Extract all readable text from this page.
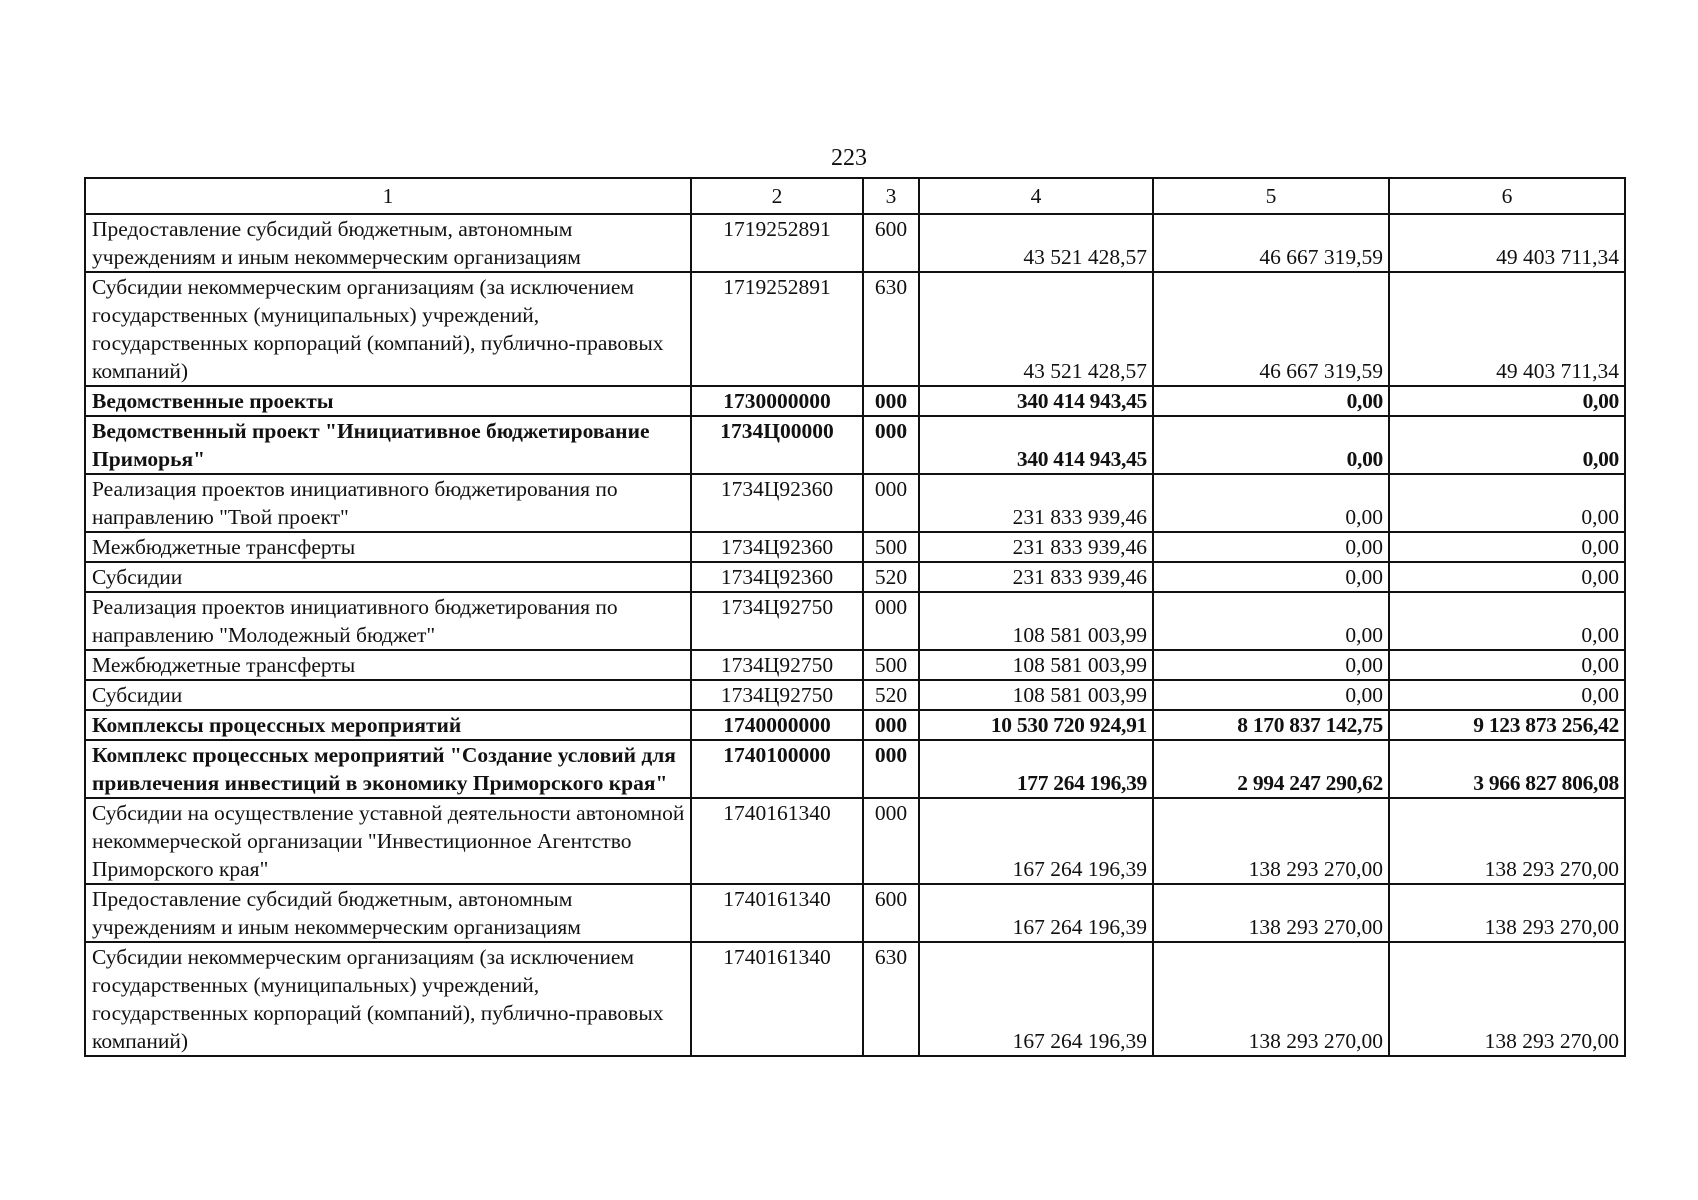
223
1	2	3	4	5	6
Предоставление субсидий бюджетным, автономным учреждениям и иным некоммерческим организациям	1719252891	600	43 521 428,57	46 667 319,59	49 403 711,34
Субсидии некоммерческим организациям (за исключением государственных (муниципальных) учреждений, государственных корпораций (компаний), публично-правовых компаний)	1719252891	630	43 521 428,57	46 667 319,59	49 403 711,34
Ведомственные проекты	1730000000	000	340 414 943,45	0,00	0,00
Ведомственный проект "Инициативное бюджетирование Приморья"	1734Ц00000	000	340 414 943,45	0,00	0,00
Реализация проектов инициативного бюджетирования по направлению "Твой проект"	1734Ц92360	000	231 833 939,46	0,00	0,00
Межбюджетные трансферты	1734Ц92360	500	231 833 939,46	0,00	0,00
Субсидии	1734Ц92360	520	231 833 939,46	0,00	0,00
Реализация проектов инициативного бюджетирования по направлению "Молодежный бюджет"	1734Ц92750	000	108 581 003,99	0,00	0,00
Межбюджетные трансферты	1734Ц92750	500	108 581 003,99	0,00	0,00
Субсидии	1734Ц92750	520	108 581 003,99	0,00	0,00
Комплексы процессных мероприятий	1740000000	000	10 530 720 924,91	8 170 837 142,75	9 123 873 256,42
Комплекс процессных мероприятий "Создание условий для привлечения инвестиций в экономику Приморского края"	1740100000	000	177 264 196,39	2 994 247 290,62	3 966 827 806,08
Субсидии на осуществление уставной деятельности автономной некоммерческой организации "Инвестиционное Агентство Приморского края"	1740161340	000	167 264 196,39	138 293 270,00	138 293 270,00
Предоставление субсидий бюджетным, автономным учреждениям и иным некоммерческим организациям	1740161340	600	167 264 196,39	138 293 270,00	138 293 270,00
Субсидии некоммерческим организациям (за исключением государственных (муниципальных) учреждений, государственных корпораций (компаний), публично-правовых компаний)	1740161340	630	167 264 196,39	138 293 270,00	138 293 270,00
